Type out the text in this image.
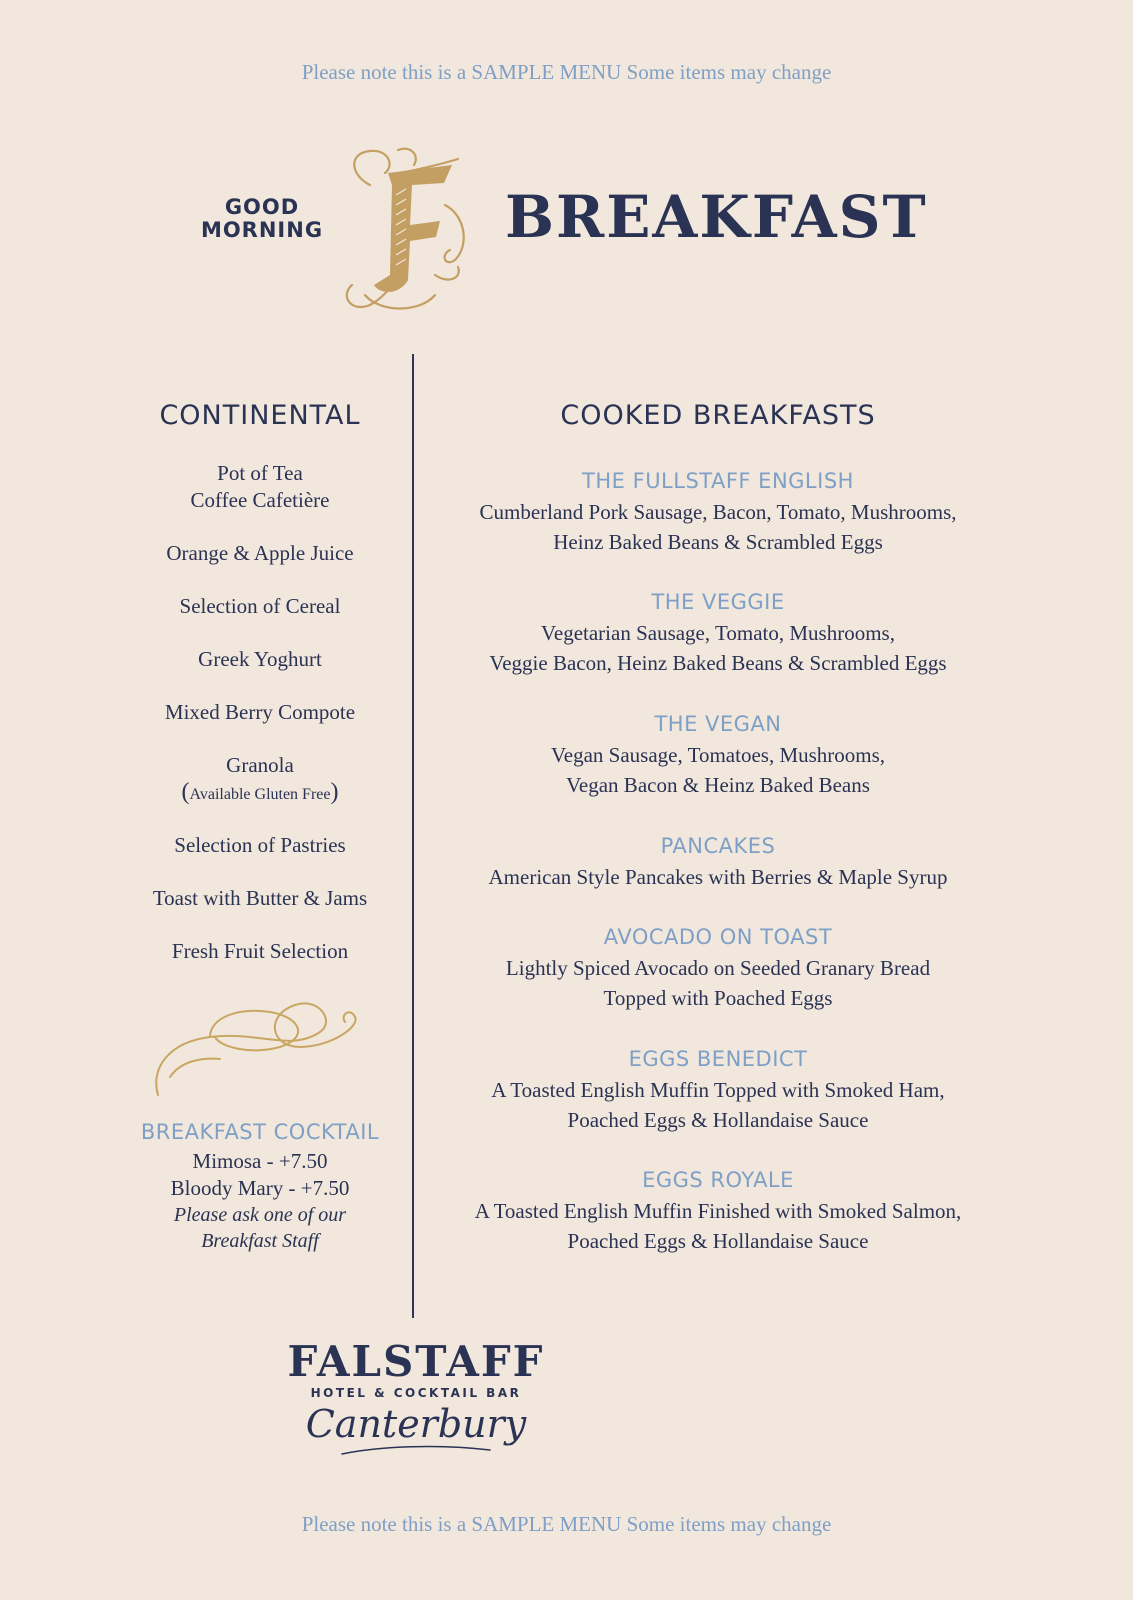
Please note this is a SAMPLE MENU Some items may change
GOOD
MORNING
F
BREAKFAST
CONTINENTAL
Pot of Tea
Coffee Cafetière
Orange & Apple Juice
Selection of Cereal
Greek Yoghurt
Mixed Berry Compote
Granola
(Available Gluten Free)
Selection of Pastries
Toast with Butter & Jams
Fresh Fruit Selection
BREAKFAST COCKTAIL
Mimosa - +7.50
Bloody Mary - +7.50
Please ask one of our
Breakfast Staff
COOKED BREAKFASTS
THE FULLSTAFF ENGLISH
Cumberland Pork Sausage, Bacon, Tomato, Mushrooms,
Heinz Baked Beans & Scrambled Eggs
THE VEGGIE
Vegetarian Sausage, Tomato, Mushrooms,
Veggie Bacon, Heinz Baked Beans & Scrambled Eggs
THE VEGAN
Vegan Sausage, Tomatoes, Mushrooms,
Vegan Bacon & Heinz Baked Beans
PANCAKES
American Style Pancakes with Berries & Maple Syrup
AVOCADO ON TOAST
Lightly Spiced Avocado on Seeded Granary Bread
Topped with Poached Eggs
EGGS BENEDICT
A Toasted English Muffin Topped with Smoked Ham,
Poached Eggs & Hollandaise Sauce
EGGS ROYALE
A Toasted English Muffin Finished with Smoked Salmon,
Poached Eggs & Hollandaise Sauce
FALSTAFF
HOTEL & COCKTAIL BAR
Canterbury
Please note this is a SAMPLE MENU Some items may change
